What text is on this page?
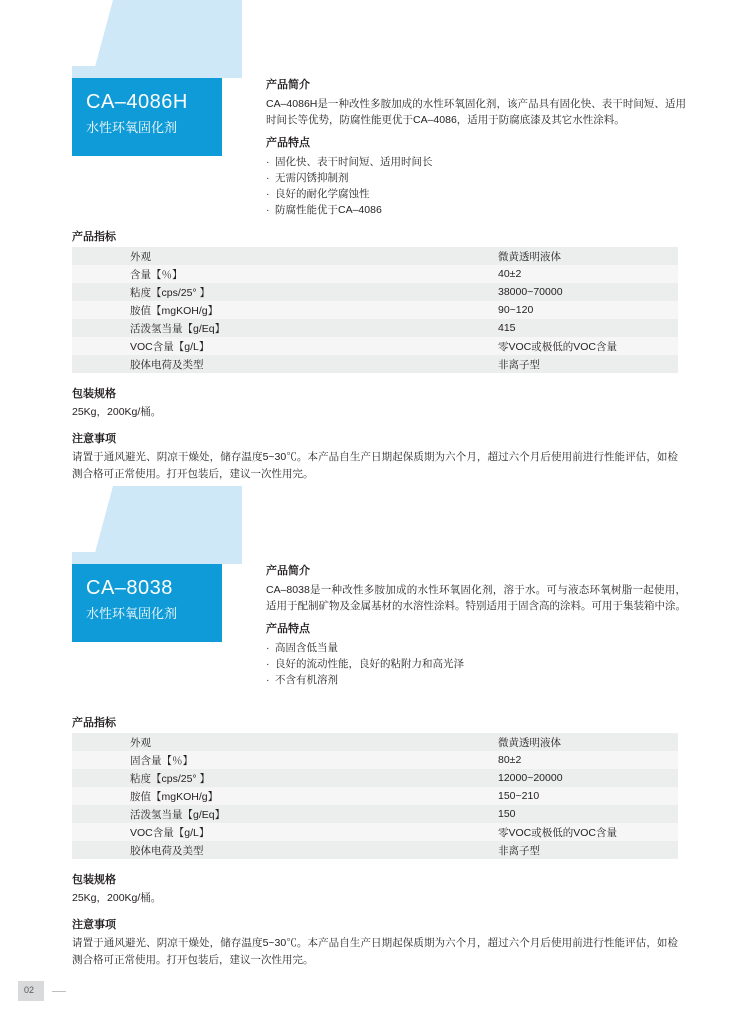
CA–4086H
水性环氧固化剂
产品简介

CA–4086H是一种改性多胺加成的水性环氧固化剂，该产品具有固化快、表干时间短、适用时间长等优势，防腐性能更优于CA–4086，适用于防腐底漆及其它水性涂料。

产品特点
· 固化快、表干时间短、适用时间长
· 无需闪锈抑制剂
· 良好的耐化学腐蚀性
· 防腐性能优于CA–4086
产品指标
外观	微黄透明液体
含量【％】	40±2
粘度【cps/25° 】	38000~70000
胺值【mgKOH/g】	90~120
活泼氢当量【g/Eq】	415
VOC含量【g/L】	零VOC或极低的VOC含量
胶体电荷及类型	非离子型
包装规格

25Kg，200Kg/桶。

注意事项

请置于通风避光、阴凉干燥处，储存温度5~30℃。本产品自生产日期起保质期为六个月，超过六个月后使用前进行性能评估，如检测合格可正常使用。打开包装后，建议一次性用完。

CA–8038
水性环氧固化剂
产品简介

CA–8038是一种改性多胺加成的水性环氧固化剂，溶于水。可与液态环氧树脂一起使用，适用于配制矿物及金属基材的水溶性涂料。特别适用于固含高的涂料。可用于集装箱中涂。

产品特点
· 高固含低当量
· 良好的流动性能，良好的粘附力和高光泽
· 不含有机溶剂
产品指标
外观	微黄透明液体
固含量【％】	80±2
粘度【cps/25° 】	12000~20000
胺值【mgKOH/g】	150~210
活泼氢当量【g/Eq】	150
VOC含量【g/L】	零VOC或极低的VOC含量
胶体电荷及美型	非离子型
包装规格

25Kg，200Kg/桶。

注意事项

请置于通风避光、阴凉干燥处，储存温度5~30℃。本产品自生产日期起保质期为六个月，超过六个月后使用前进行性能评估，如检测合格可正常使用。打开包装后，建议一次性用完。

02
